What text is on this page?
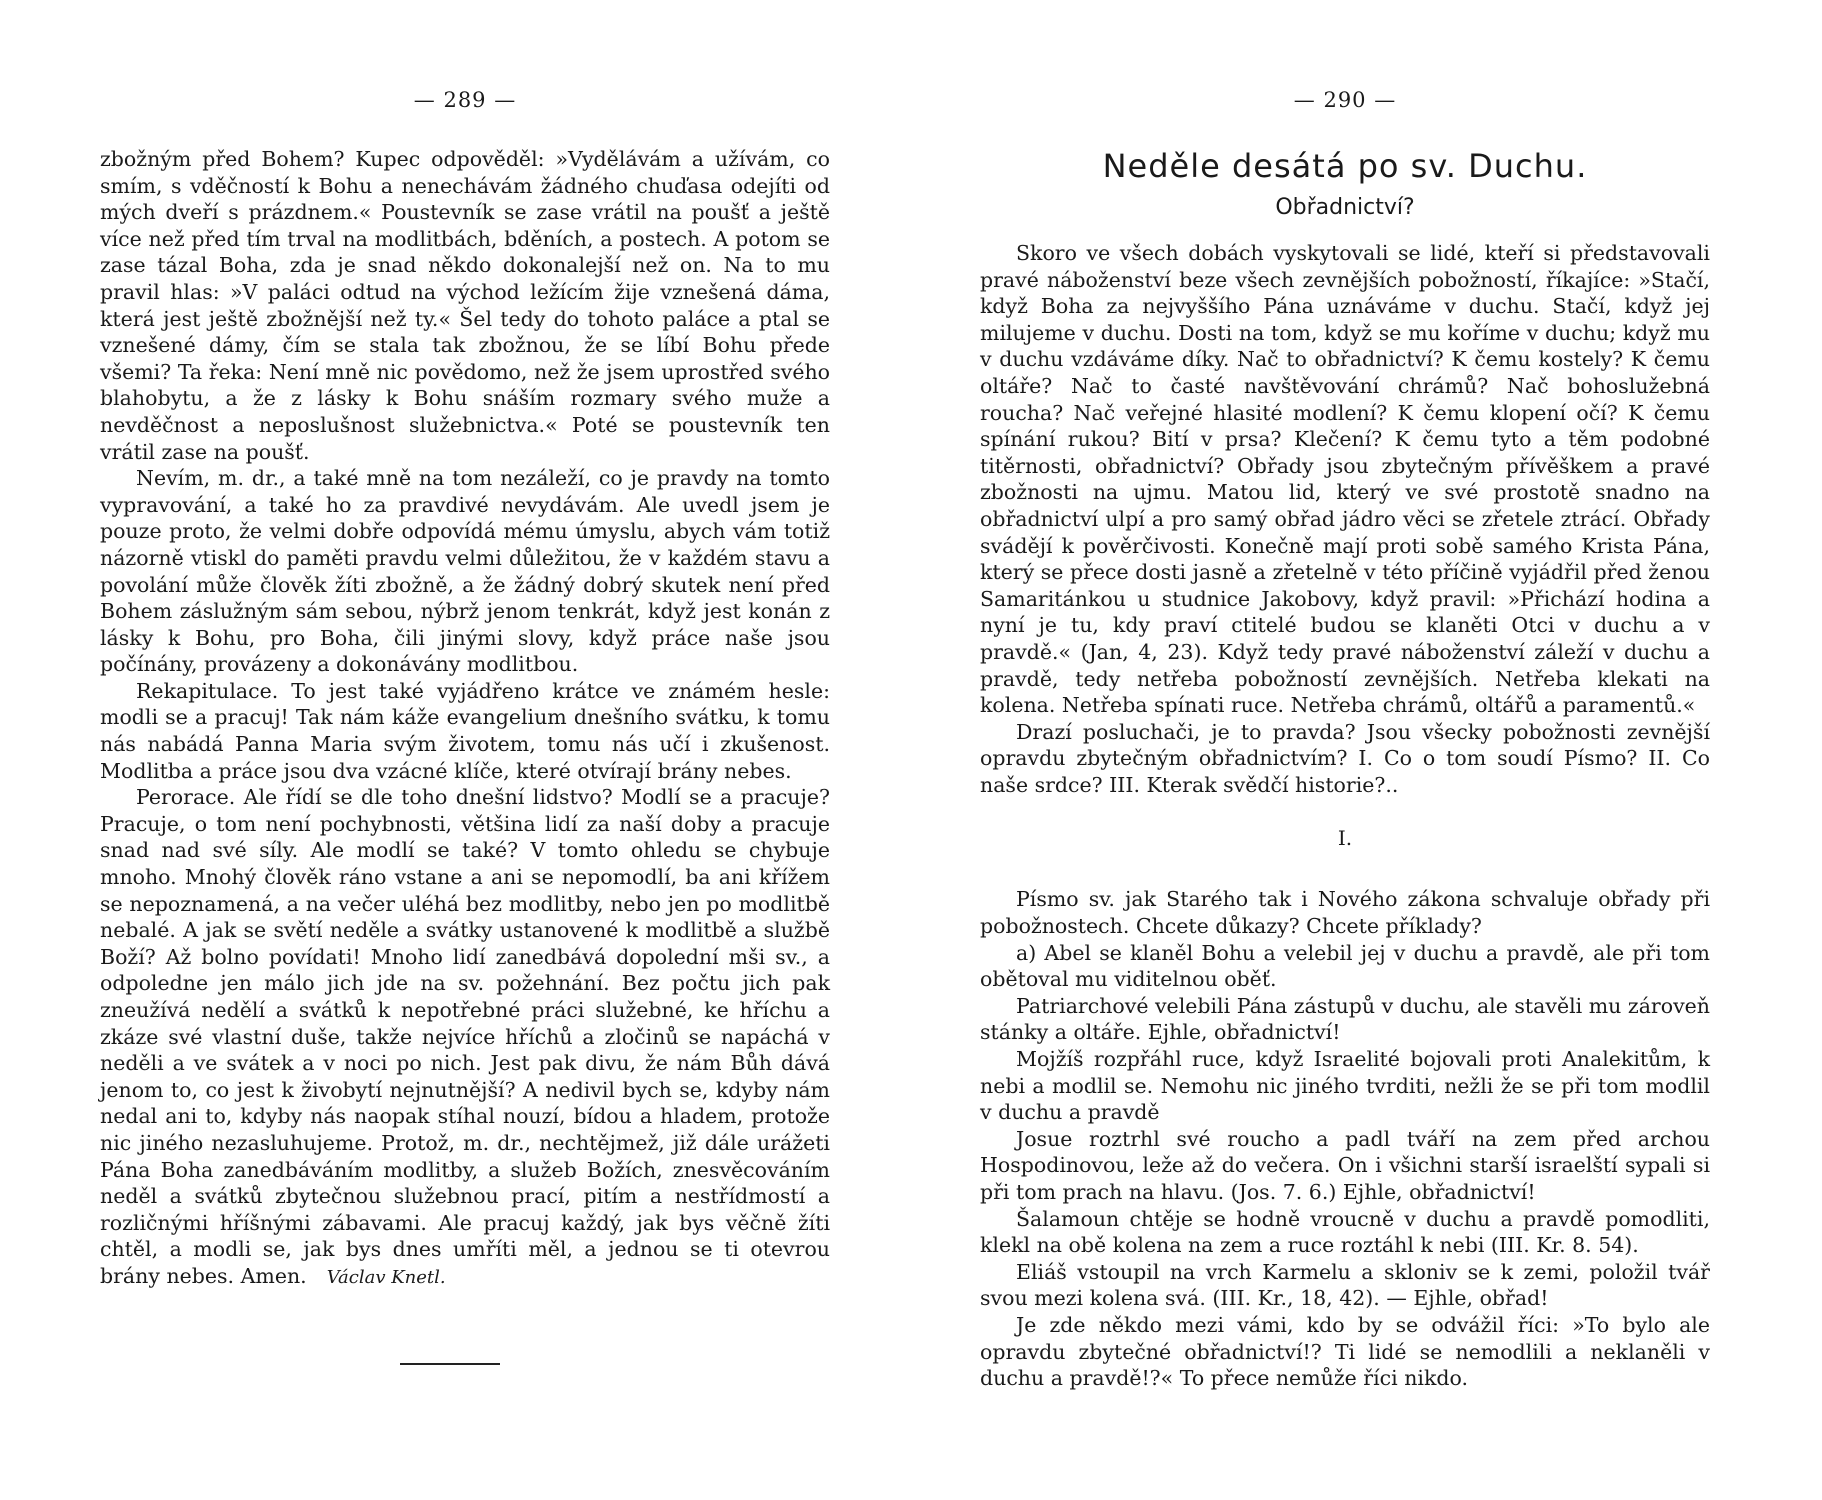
— 289 —

zbožným před Bohem? Kupec odpověděl: »Vydělávám a užívám, co smím, s vděčností k Bohu a nenechávám žádného chuďasa odejíti od mých dveří s prázdnem.« Poustevník se zase vrátil na poušť a ještě více než před tím trval na modlitbách, bděních, a postech. A potom se zase tázal Boha, zda je snad někdo dokonalejší než on. Na to mu pravil hlas: »V paláci odtud na východ ležícím žije vznešená dáma, která jest ještě zbožnější než ty.« Šel tedy do tohoto paláce a ptal se vznešené dámy, čím se stala tak zbožnou, že se líbí Bohu přede všemi? Ta řeka: Není mně nic povědomo, než že jsem uprostřed svého blahobytu, a že z lásky k Bohu snáším rozmary svého muže a nevděčnost a neposlušnost služebnictva.« Poté se poustevník ten vrátil zase na poušť.

Nevím, m. dr., a také mně na tom nezáleží, co je pravdy na tomto vypravování, a také ho za pravdivé nevydávám. Ale uvedl jsem je pouze proto, že velmi dobře odpovídá mému úmyslu, abych vám totiž názorně vtiskl do paměti pravdu velmi důležitou, že v každém stavu a povolání může člověk žíti zbožně, a že žádný dobrý skutek není před Bohem záslužným sám sebou, nýbrž jenom tenkrát, když jest konán z lásky k Bohu, pro Boha, čili jinými slovy, když práce naše jsou počínány, provázeny a dokonávány modlitbou.

Rekapitulace. To jest také vyjádřeno krátce ve známém hesle: modli se a pracuj! Tak nám káže evangelium dnešního svátku, k tomu nás nabádá Panna Maria svým životem, tomu nás učí i zkušenost. Modlitba a práce jsou dva vzácné klíče, které otvírají brány nebes.

Perorace. Ale řídí se dle toho dnešní lidstvo? Modlí se a pracuje? Pracuje, o tom není pochybnosti, většina lidí za naší doby a pracuje snad nad své síly. Ale modlí se také? V tomto ohledu se chybuje mnoho. Mnohý člověk ráno vstane a ani se nepomodlí, ba ani křížem se nepoznamená, a na večer uléhá bez modlitby, nebo jen po modlitbě nebalé. A jak se světí neděle a svátky ustanovené k modlitbě a službě Boží? Až bolno povídati! Mnoho lidí zanedbává dopolední mši sv., a odpoledne jen málo jich jde na sv. požehnání. Bez počtu jich pak zneužívá nedělí a svátků k nepotřebné práci služebné, ke hříchu a zkáze své vlastní duše, takže nejvíce hříchů a zločinů se napáchá v neděli a ve svátek a v noci po nich. Jest pak divu, že nám Bůh dává jenom to, co jest k živobytí nejnutnější? A nedivil bych se, kdyby nám nedal ani to, kdyby nás naopak stíhal nouzí, bídou a hladem, protože nic jiného nezasluhujeme. Protož, m. dr., nechtějmež, již dále urážeti Pána Boha zanedbáváním modlitby, a služeb Božích, znesvěcováním neděl a svátků zbytečnou služebnou prací, pitím a nestřídmostí a rozličnými hříšnými zábavami. Ale pracuj každý, jak bys věčně žíti chtěl, a modli se, jak bys dnes umříti měl, a jednou se ti otevrou brány nebes. Amen. Václav Knetl.

— 290 —
Neděle desátá po sv. Duchu.
Obřadnictví?

Skoro ve všech dobách vyskytovali se lidé, kteří si představovali pravé náboženství beze všech zevnějších pobožností, říkajíce: »Stačí, když Boha za nejvyššího Pána uznáváme v duchu. Stačí, když jej milujeme v duchu. Dosti na tom, když se mu koříme v duchu; když mu v duchu vzdáváme díky. Nač to obřadnictví? K čemu kostely? K čemu oltáře? Nač to časté navštěvování chrámů? Nač bohoslužebná roucha? Nač veřejné hlasité modlení? K čemu klopení očí? K čemu spínání rukou? Bití v prsa? Klečení? K čemu tyto a těm podobné titěrnosti, obřadnictví? Obřady jsou zbytečným přívěškem a pravé zbožnosti na ujmu. Matou lid, který ve své prostotě snadno na obřadnictví ulpí a pro samý obřad jádro věci se zřetele ztrácí. Obřady svádějí k pověrčivosti. Konečně mají proti sobě samého Krista Pána, který se přece dosti jasně a zřetelně v této příčině vyjádřil před ženou Samaritánkou u studnice Jakobovy, když pravil: »Přichází hodina a nyní je tu, kdy praví ctitelé budou se klaněti Otci v duchu a v pravdě.« (Jan, 4, 23). Když tedy pravé náboženství záleží v duchu a pravdě, tedy netřeba pobožností zevnějších. Netřeba klekati na kolena. Netřeba spínati ruce. Netřeba chrámů, oltářů a paramentů.«

Drazí posluchači, je to pravda? Jsou všecky pobožnosti zevnější opravdu zbytečným obřadnictvím? I. Co o tom soudí Písmo? II. Co naše srdce? III. Kterak svědčí historie?..

I.

Písmo sv. jak Starého tak i Nového zákona schvaluje obřady při pobožnostech. Chcete důkazy? Chcete příklady?

a) Abel se klaněl Bohu a velebil jej v duchu a pravdě, ale při tom obětoval mu viditelnou oběť.

Patriarchové velebili Pána zástupů v duchu, ale stavěli mu zároveň stánky a oltáře. Ejhle, obřadnictví!

Mojžíš rozpřáhl ruce, když Israelité bojovali proti Analekitům, k nebi a modlil se. Nemohu nic jiného tvrditi, nežli že se při tom modlil v duchu a pravdě

Josue roztrhl své roucho a padl tváří na zem před archou Hospodinovou, leže až do večera. On i všichni starší israelští sypali si při tom prach na hlavu. (Jos. 7. 6.) Ejhle, obřadnictví!

Šalamoun chtěje se hodně vroucně v duchu a pravdě pomodliti, klekl na obě kolena na zem a ruce roztáhl k nebi (III. Kr. 8. 54).

Eliáš vstoupil na vrch Karmelu a skloniv se k zemi, položil tvář svou mezi kolena svá. (III. Kr., 18, 42). — Ejhle, obřad!

Je zde někdo mezi vámi, kdo by se odvážil říci: »To bylo ale opravdu zbytečné obřadnictví!? Ti lidé se nemodlili a neklaněli v duchu a pravdě!?« To přece nemůže říci nikdo.
